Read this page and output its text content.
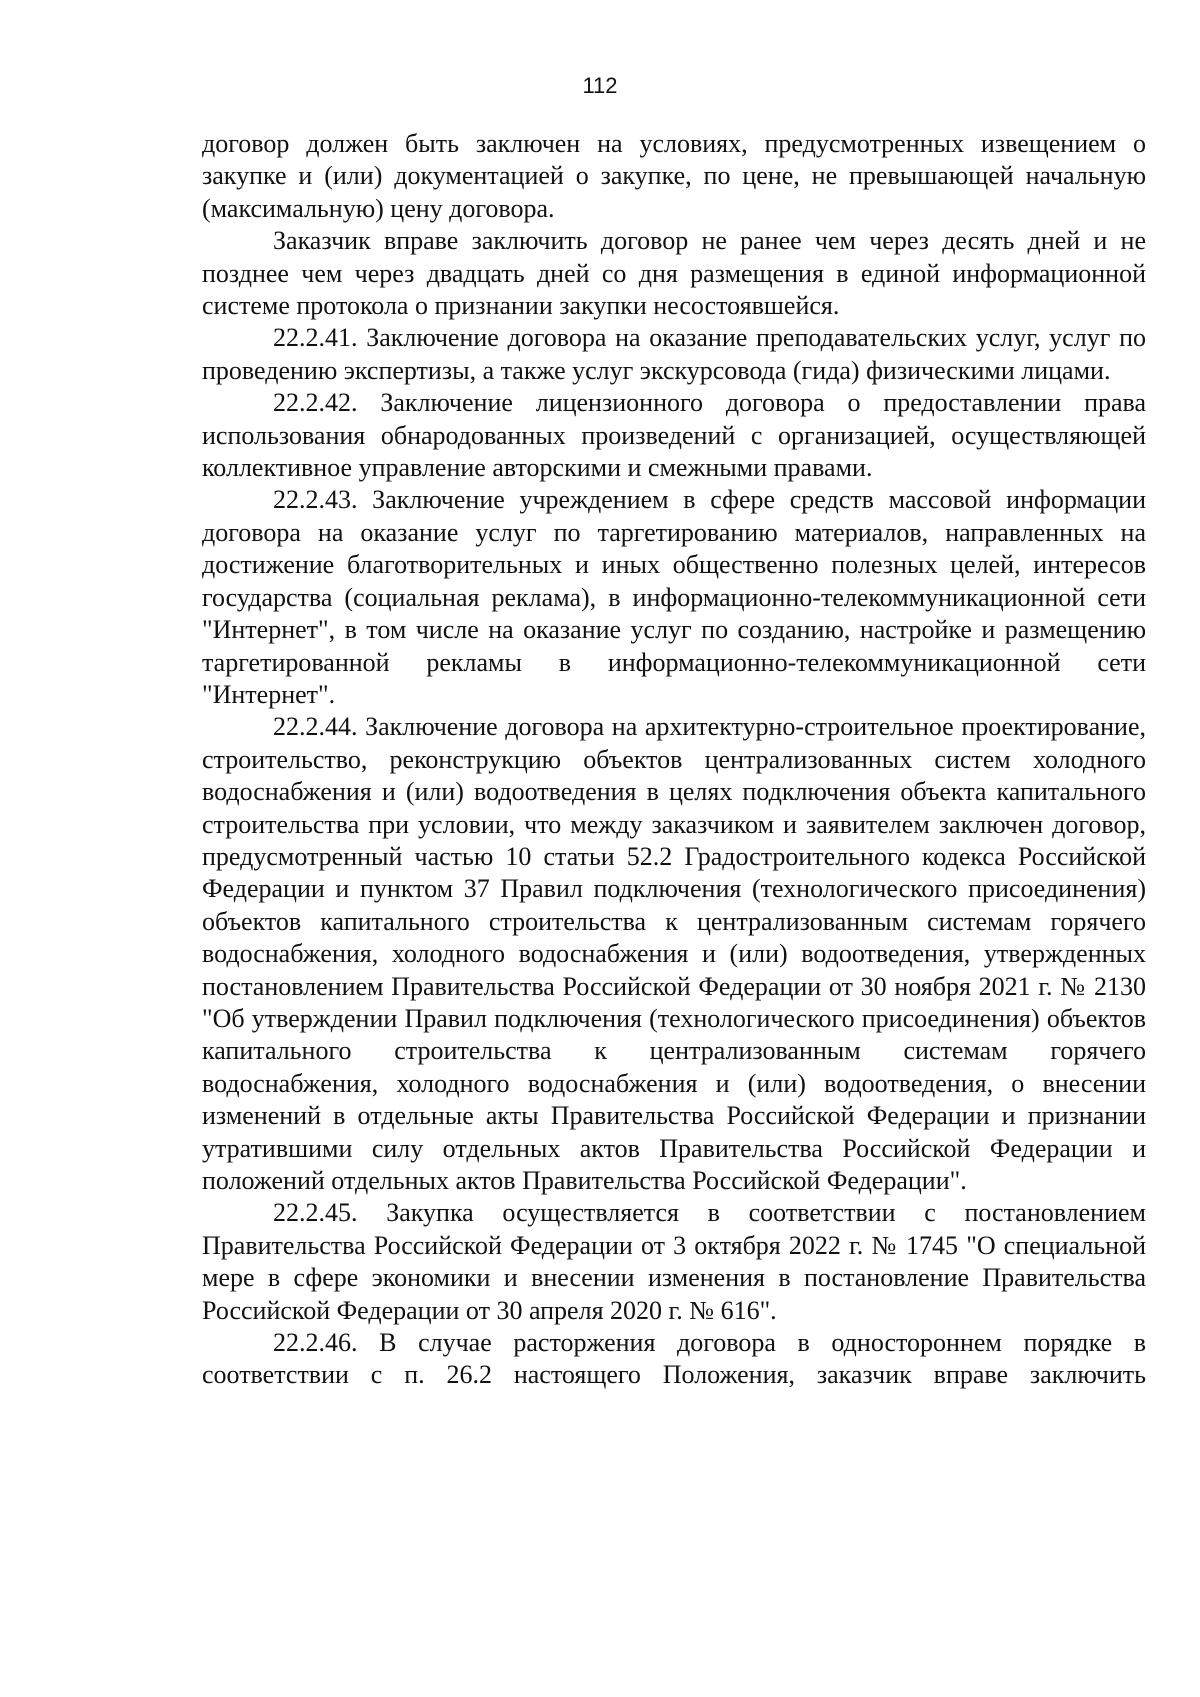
112

договор должен быть заключен на условиях, предусмотренных извещением о закупке и (или) документацией о закупке, по цене, не превышающей начальную (максимальную) цену договора.

Заказчик вправе заключить договор не ранее чем через десять дней и не позднее чем через двадцать дней со дня размещения в единой информационной системе протокола о признании закупки несостоявшейся.

22.2.41. Заключение договора на оказание преподавательских услуг, услуг по проведению экспертизы, а также услуг экскурсовода (гида) физическими лицами.

22.2.42. Заключение лицензионного договора о предоставлении права использования обнародованных произведений с организацией, осуществляющей коллективное управление авторскими и смежными правами.

22.2.43. Заключение учреждением в сфере средств массовой информации договора на оказание услуг по таргетированию материалов, направленных на достижение благотворительных и иных общественно полезных целей, интересов государства (социальная реклама), в информационно-телекоммуникационной сети "Интернет", в том числе на оказание услуг по созданию, настройке и размещению таргетированной рекламы в информационно-телекоммуникационной сети "Интернет".

22.2.44. Заключение договора на архитектурно-строительное проектирование, строительство, реконструкцию объектов централизованных систем холодного водоснабжения и (или) водоотведения в целях подключения объекта капитального строительства при условии, что между заказчиком и заявителем заключен договор, предусмотренный частью 10 статьи 52.2 Градостроительного кодекса Российской Федерации и пунктом 37 Правил подключения (технологического присоединения) объектов капитального строительства к централизованным системам горячего водоснабжения, холодного водоснабжения и (или) водоотведения, утвержденных постановлением Правительства Российской Федерации от 30 ноября 2021 г. № 2130 "Об утверждении Правил подключения (технологического присоединения) объектов капитального строительства к централизованным системам горячего водоснабжения, холодного водоснабжения и (или) водоотведения, о внесении изменений в отдельные акты Правительства Российской Федерации и признании утратившими силу отдельных актов Правительства Российской Федерации и положений отдельных актов Правительства Российской Федерации".

22.2.45. Закупка осуществляется в соответствии с постановлением Правительства Российской Федерации от 3 октября 2022 г. № 1745 "О специальной мере в сфере экономики и внесении изменения в постановление Правительства Российской Федерации от 30 апреля 2020 г. № 616".

22.2.46. В случае расторжения договора в одностороннем порядке в соответствии с п. 26.2 настоящего Положения, заказчик вправе заключить
